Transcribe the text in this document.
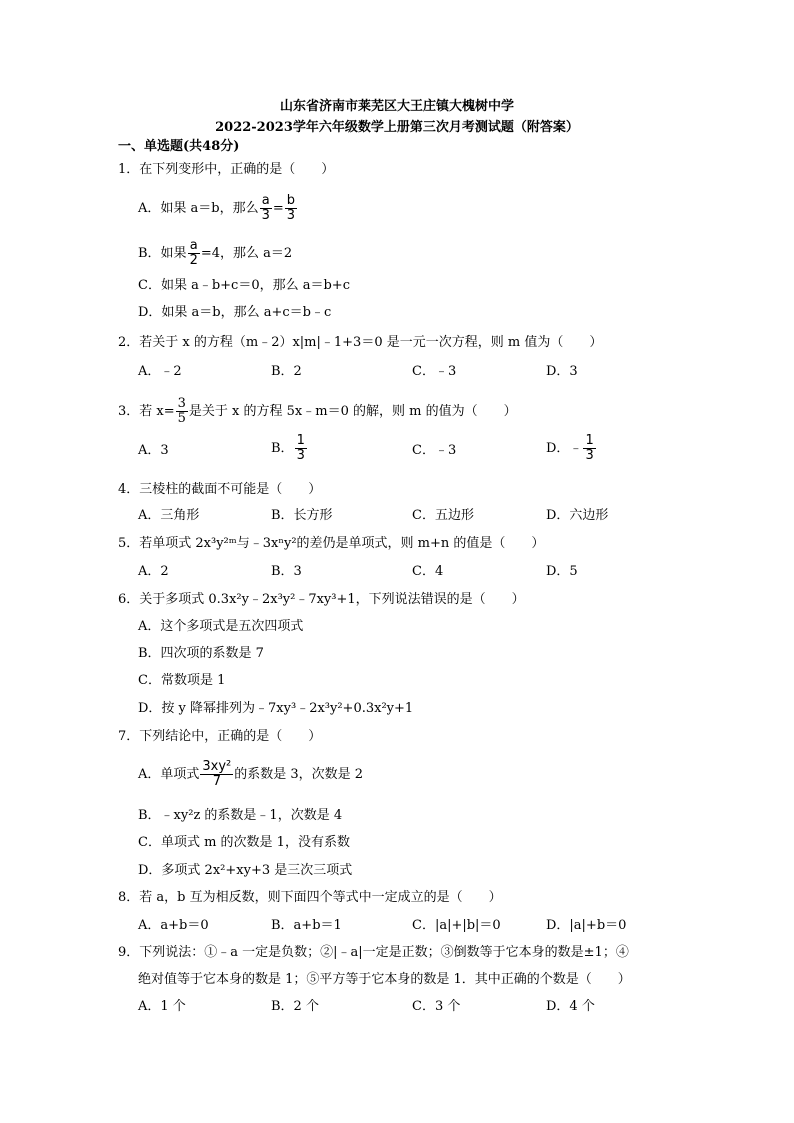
山东省济南市莱芜区大王庄镇大槐树中学
2022-2023学年六年级数学上册第三次月考测试题（附答案）
一、单选题(共48分)
1．在下列变形中，正确的是（　　）
A．如果 a＝b，那么 $\frac{a}{3} = \frac{b}{3}$
B．如果 $\frac{a}{2} =4$，那么 a＝2
C．如果 a﹣b+c＝0，那么 a＝b+c
D．如果 a＝b，那么 a+c＝b﹣c
2．若关于 x 的方程（m﹣2）x|m|﹣1+3＝0 是一元一次方程，则 m 值为（　　）
A．﹣2	B．2	C．﹣3	D．3
3．若 $x= \frac{3}{5}$ 是关于 x 的方程 5x﹣m＝0 的解，则 m 的值为（　　）
A．3	B． $\frac{1}{3}$	C．﹣3	D．﹣ $\frac{1}{3}$
4．三棱柱的截面不可能是（　　）
A．三角形	B．长方形	C．五边形	D．六边形
5．若单项式 2x³y²ᵐ与﹣3xⁿy²的差仍是单项式，则 m+n 的值是（　　）
A．2	B．3	C．4	D．5
6．关于多项式 0.3x²y﹣2x³y²﹣7xy³+1，下列说法错误的是（　　）
A．这个多项式是五次四项式
B．四次项的系数是 7
C．常数项是 1
D．按 y 降幂排列为﹣7xy³﹣2x³y²+0.3x²y+1
7．下列结论中，正确的是（　　）
A．单项式 $\frac{\text{3xy²}}{7}$ 的系数是 3，次数是 2
B．﹣xy²z 的系数是﹣1，次数是 4
C．单项式 m 的次数是 1，没有系数
D．多项式 2x²+xy+3 是三次三项式
8．若 a，b 互为相反数，则下面四个等式中一定成立的是（　　）
A．a+b＝0	B．a+b＝1	C．|a|+|b|＝0	D．|a|+b＝0
9．下列说法：①﹣a 一定是负数；②|﹣a|一定是正数；③倒数等于它本身的数是±1；④
绝对值等于它本身的数是 1；⑤平方等于它本身的数是 1．其中正确的个数是（　　）
A．1 个	B．2 个	C．3 个	D．4 个
